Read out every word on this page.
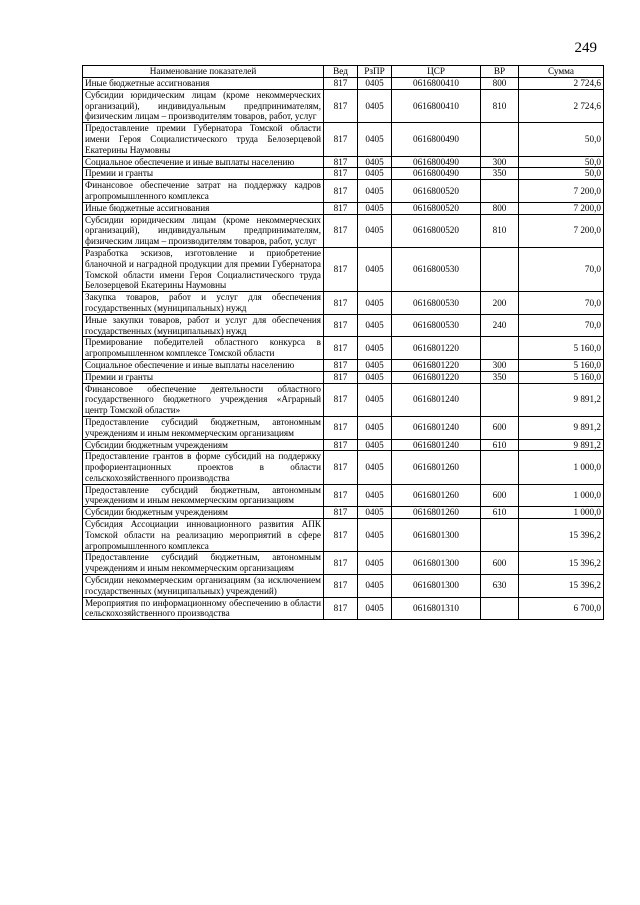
249
Наименование показателей	Вед	РзПР	ЦСР	ВР	Сумма
Иные бюджетные ассигнования	817	0405	0616800410	800	2 724,6
Субсидии юридическим лицам (кроме некоммерческих организаций), индивидуальным предпринимателям, физическим лицам – производителям товаров, работ, услуг	817	0405	0616800410	810	2 724,6
Предоставление премии Губернатора Томской области имени Героя Социалистического труда Белозерцевой Екатерины Наумовны	817	0405	0616800490		50,0
Социальное обеспечение и иные выплаты населению	817	0405	0616800490	300	50,0
Премии и гранты	817	0405	0616800490	350	50,0
Финансовое обеспечение затрат на поддержку кадров агропромышленного комплекса	817	0405	0616800520		7 200,0
Иные бюджетные ассигнования	817	0405	0616800520	800	7 200,0
Субсидии юридическим лицам (кроме некоммерческих организаций), индивидуальным предпринимателям, физическим лицам – производителям товаров, работ, услуг	817	0405	0616800520	810	7 200,0
Разработка эскизов, изготовление и приобретение бланочной и наградной продукции для премии Губернатора Томской области имени Героя Социалистического труда Белозерцевой Екатерины Наумовны	817	0405	0616800530		70,0
Закупка товаров, работ и услуг для обеспечения государственных (муниципальных) нужд	817	0405	0616800530	200	70,0
Иные закупки товаров, работ и услуг для обеспечения государственных (муниципальных) нужд	817	0405	0616800530	240	70,0
Премирование победителей областного конкурса в агропромышленном комплексе Томской области	817	0405	0616801220		5 160,0
Социальное обеспечение и иные выплаты населению	817	0405	0616801220	300	5 160,0
Премии и гранты	817	0405	0616801220	350	5 160,0
Финансовое обеспечение деятельности областного государственного бюджетного учреждения «Аграрный центр Томской области»	817	0405	0616801240		9 891,2
Предоставление субсидий бюджетным, автономным учреждениям и иным некоммерческим организациям	817	0405	0616801240	600	9 891,2
Субсидии бюджетным учреждениям	817	0405	0616801240	610	9 891,2
Предоставление грантов в форме субсидий на поддержку профориентационных проектов в области сельскохозяйственного производства	817	0405	0616801260		1 000,0
Предоставление субсидий бюджетным, автономным учреждениям и иным некоммерческим организациям	817	0405	0616801260	600	1 000,0
Субсидии бюджетным учреждениям	817	0405	0616801260	610	1 000,0
Субсидия Ассоциации инновационного развития АПК Томской области на реализацию мероприятий в сфере агропромышленного комплекса	817	0405	0616801300		15 396,2
Предоставление субсидий бюджетным, автономным учреждениям и иным некоммерческим организациям	817	0405	0616801300	600	15 396,2
Субсидии некоммерческим организациям (за исключением государственных (муниципальных) учреждений)	817	0405	0616801300	630	15 396,2
Мероприятия по информационному обеспечению в области сельскохозяйственного производства	817	0405	0616801310		6 700,0
